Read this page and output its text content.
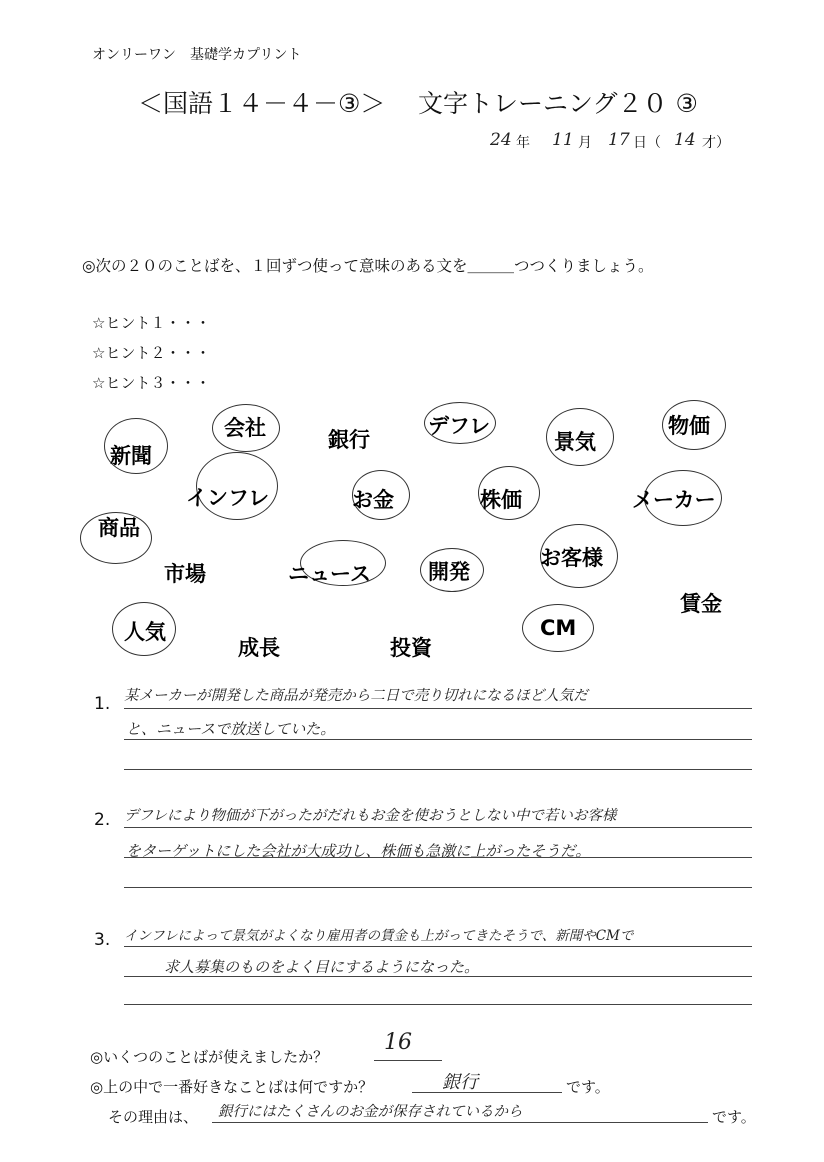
オンリーワン　基礎学カプリント
＜国語１４－４－③＞ 文字トレーニング２０ ③
24 年 11 月 17 日（ 14 才）
◎次の２０のことばを、１回ずつ使って意味のある文を＿＿＿つつくりましょう。
☆ヒント１・・・
☆ヒント２・・・
☆ヒント３・・・
新聞
会社	銀行
デフレ
景気
物価
インフレ	お金	株価	メーカー
商品
市場	ニュース	開発
お客様
賃金
人気
成長	投資
CM
1. 某メーカーが開発した商品が発売から二日で売り切れになるほど人気だ
と、ニュースで放送していた。
2. デフレにより物価が下がったがだれもお金を使おうとしない中で若いお客様
をターゲットにした会社が大成功し、株価も急激に上がったそうだ。
3. インフレによって景気がよくなり雇用者の賃金も上がってきたそうで、新聞やCMで
求人募集のものをよく目にするようになった。
◎いくつのことばが使えましたか？
16
◎上の中で一番好きなことばは何ですか？	銀行	です。
その理由は、 銀行にはたくさんのお金が保存されているから	です。
